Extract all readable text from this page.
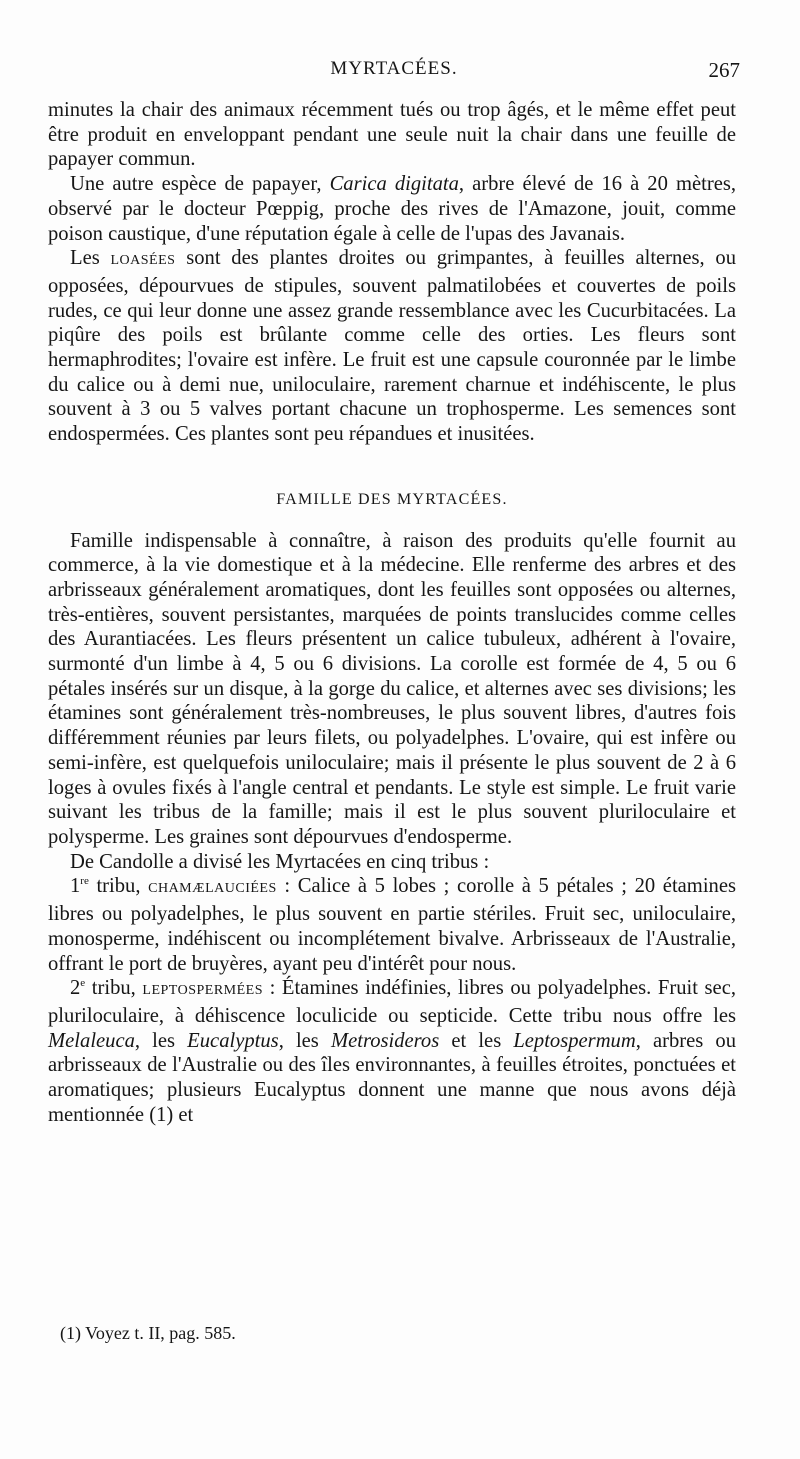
MYRTACÉES.	267

minutes la chair des animaux récemment tués ou trop âgés, et le même effet peut être produit en enveloppant pendant une seule nuit la chair dans une feuille de papayer commun.

Une autre espèce de papayer, Carica digitata, arbre élevé de 16 à 20 mètres, observé par le docteur Pœppig, proche des rives de l'Amazone, jouit, comme poison caustique, d'une réputation égale à celle de l'upas des Javanais.

Les LOASÉES sont des plantes droites ou grimpantes, à feuilles alternes, ou opposées, dépourvues de stipules, souvent palmatilobées et couvertes de poils rudes, ce qui leur donne une assez grande ressemblance avec les Cucurbitacées. La piqûre des poils est brûlante comme celle des orties. Les fleurs sont hermaphrodites; l'ovaire est infère. Le fruit est une capsule couronnée par le limbe du calice ou à demi nue, uniloculaire, rarement charnue et indéhiscente, le plus souvent à 3 ou 5 valves portant chacune un trophosperme. Les semences sont endospermées. Ces plantes sont peu répandues et inusitées.

FAMILLE DES MYRTACÉES.

Famille indispensable à connaître, à raison des produits qu'elle fournit au commerce, à la vie domestique et à la médecine. Elle renferme des arbres et des arbrisseaux généralement aromatiques, dont les feuilles sont opposées ou alternes, très-entières, souvent persistantes, marquées de points translucides comme celles des Aurantiacées. Les fleurs présentent un calice tubuleux, adhérent à l'ovaire, surmonté d'un limbe à 4, 5 ou 6 divisions. La corolle est formée de 4, 5 ou 6 pétales insérés sur un disque, à la gorge du calice, et alternes avec ses divisions; les étamines sont généralement très-nombreuses, le plus souvent libres, d'autres fois différemment réunies par leurs filets, ou polyadelphes. L'ovaire, qui est infère ou semi-infère, est quelquefois uniloculaire; mais il présente le plus souvent de 2 à 6 loges à ovules fixés à l'angle central et pendants. Le style est simple. Le fruit varie suivant les tribus de la famille; mais il est le plus souvent pluriloculaire et polysperme. Les graines sont dépourvues d'endosperme.

De Candolle a divisé les Myrtacées en cinq tribus :

1re tribu, CHAMÆLAUCIÉES : Calice à 5 lobes ; corolle à 5 pétales ; 20 étamines libres ou polyadelphes, le plus souvent en partie stériles. Fruit sec, uniloculaire, monosperme, indéhiscent ou incomplétement bivalve. Arbrisseaux de l'Australie, offrant le port de bruyères, ayant peu d'intérêt pour nous.

2e tribu, LEPTOSPERMÉES : Étamines indéfinies, libres ou polyadelphes. Fruit sec, pluriloculaire, à déhiscence loculicide ou septicide. Cette tribu nous offre les Melaleuca, les Eucalyptus, les Metrosideros et les Leptospermum, arbres ou arbrisseaux de l'Australie ou des îles environnantes, à feuilles étroites, ponctuées et aromatiques; plusieurs Eucalyptus donnent une manne que nous avons déjà mentionnée (1) et

(1) Voyez t. II, pag. 585.
